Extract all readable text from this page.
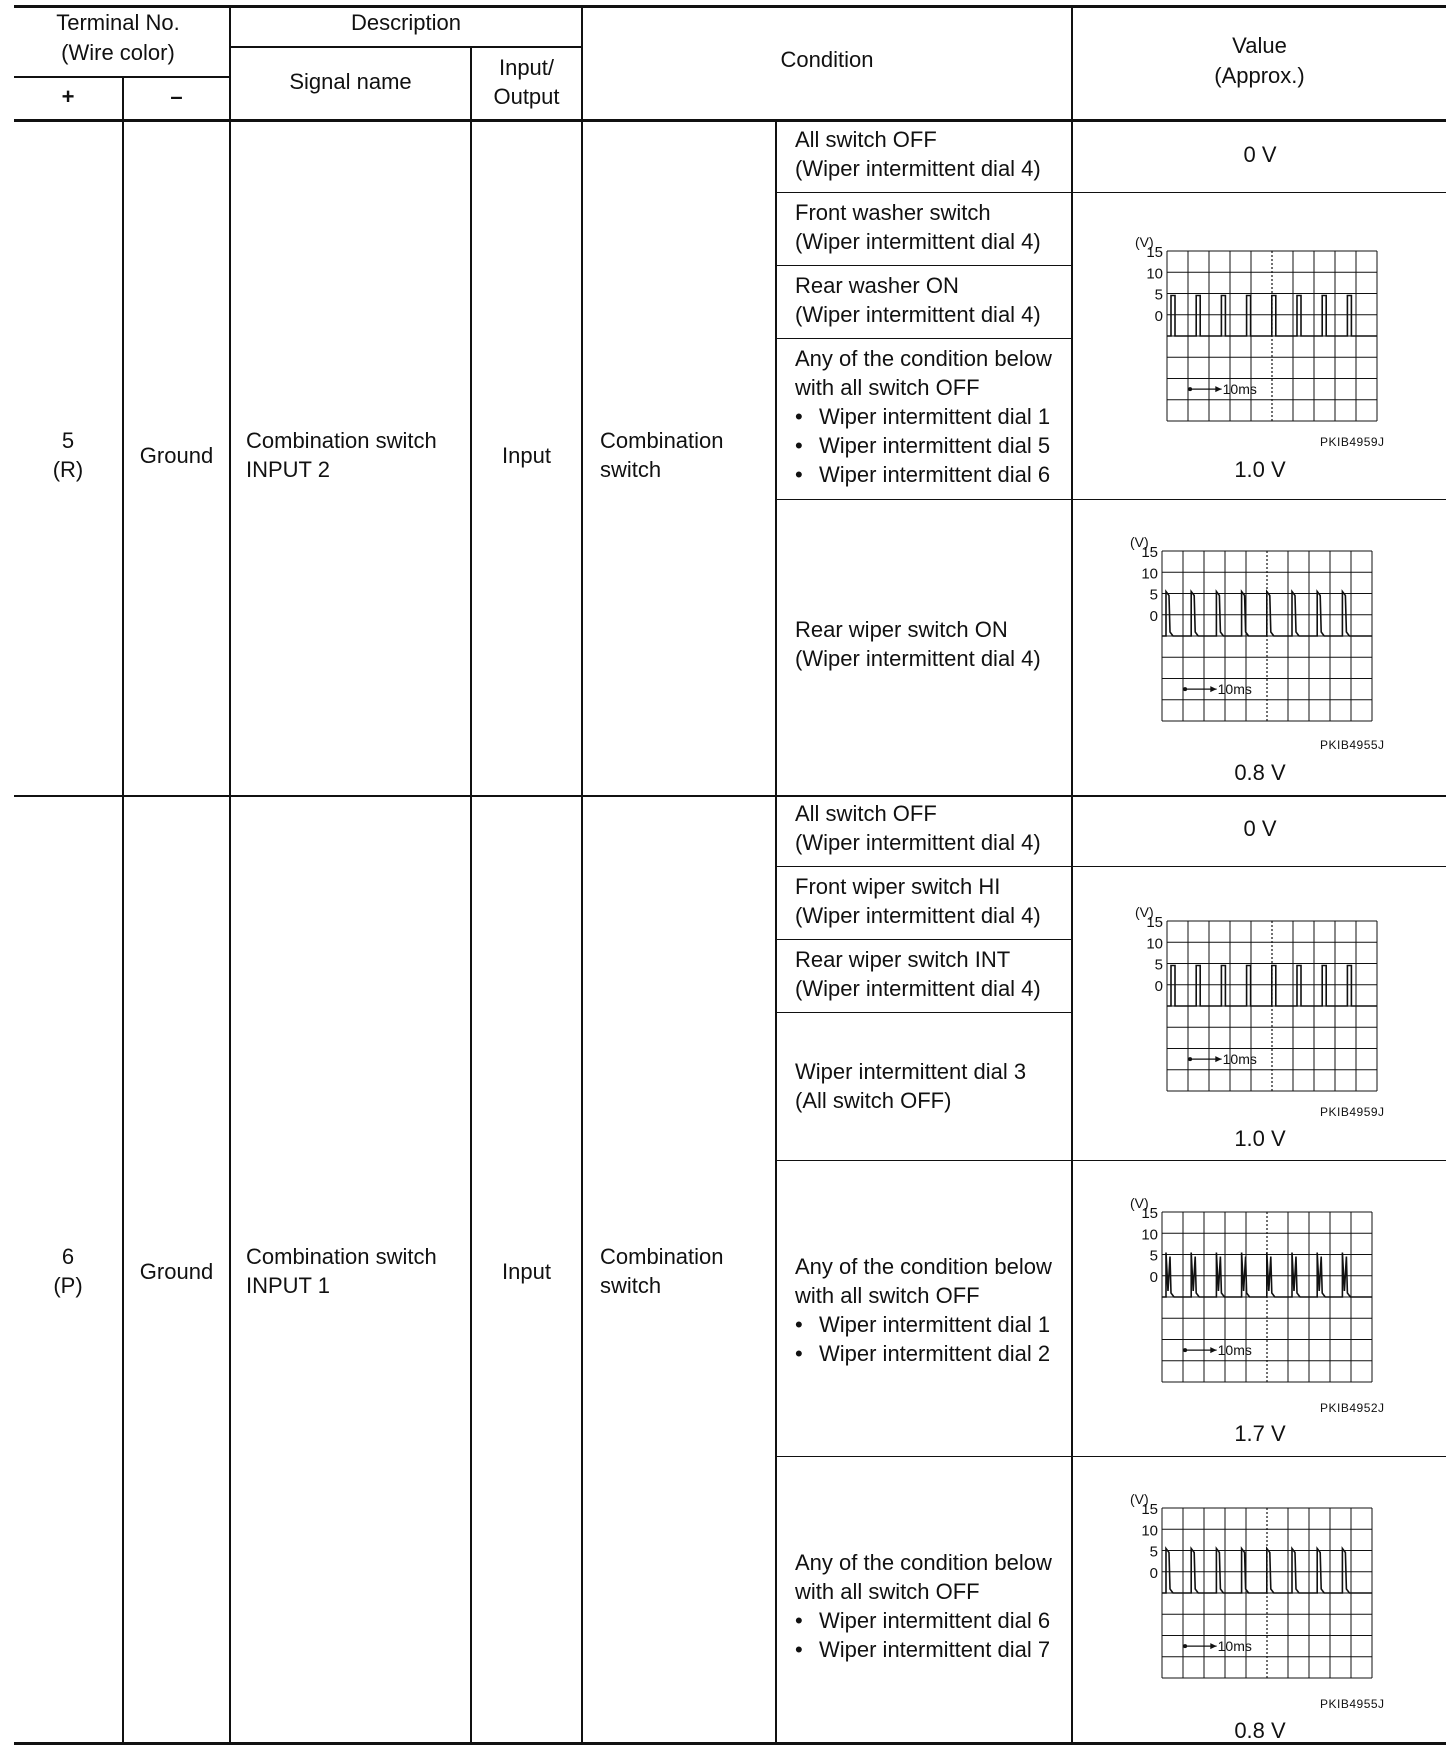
Terminal No.
(Wire color)
+	–
Description
Signal name
Input/
Output
Condition
Value
(Approx.)
5
(R)
Ground
Combination switch
INPUT 2
Input
Combination
switch
All switch OFF
(Wiper intermittent dial 4)
Front washer switch
(Wiper intermittent dial 4)
Rear washer ON
(Wiper intermittent dial 4)
Any of the condition below
with all switch OFF
• Wiper intermittent dial 1
• Wiper intermittent dial 5
• Wiper intermittent dial 6
Rear wiper switch ON
(Wiper intermittent dial 4)
0 V
(V)
15
10
5
0
10ms
PKIB4959J
1.0 V
(V)
15
10
5
0
10ms
PKIB4955J
0.8 V
6
(P)
Ground
Combination switch
INPUT 1
Input
Combination
switch
All switch OFF
(Wiper intermittent dial 4)
Front wiper switch HI
(Wiper intermittent dial 4)
Rear wiper switch INT
(Wiper intermittent dial 4)
Wiper intermittent dial 3
(All switch OFF)
Any of the condition below
with all switch OFF
• Wiper intermittent dial 1
• Wiper intermittent dial 2
Any of the condition below
with all switch OFF
• Wiper intermittent dial 6
• Wiper intermittent dial 7
0 V
(V)
15
10
5
0
10ms
PKIB4959J
1.0 V
(V)
15
10
5
0
10ms
PKIB4952J
1.7 V
(V)
15
10
5
0
10ms
PKIB4955J
0.8 V
